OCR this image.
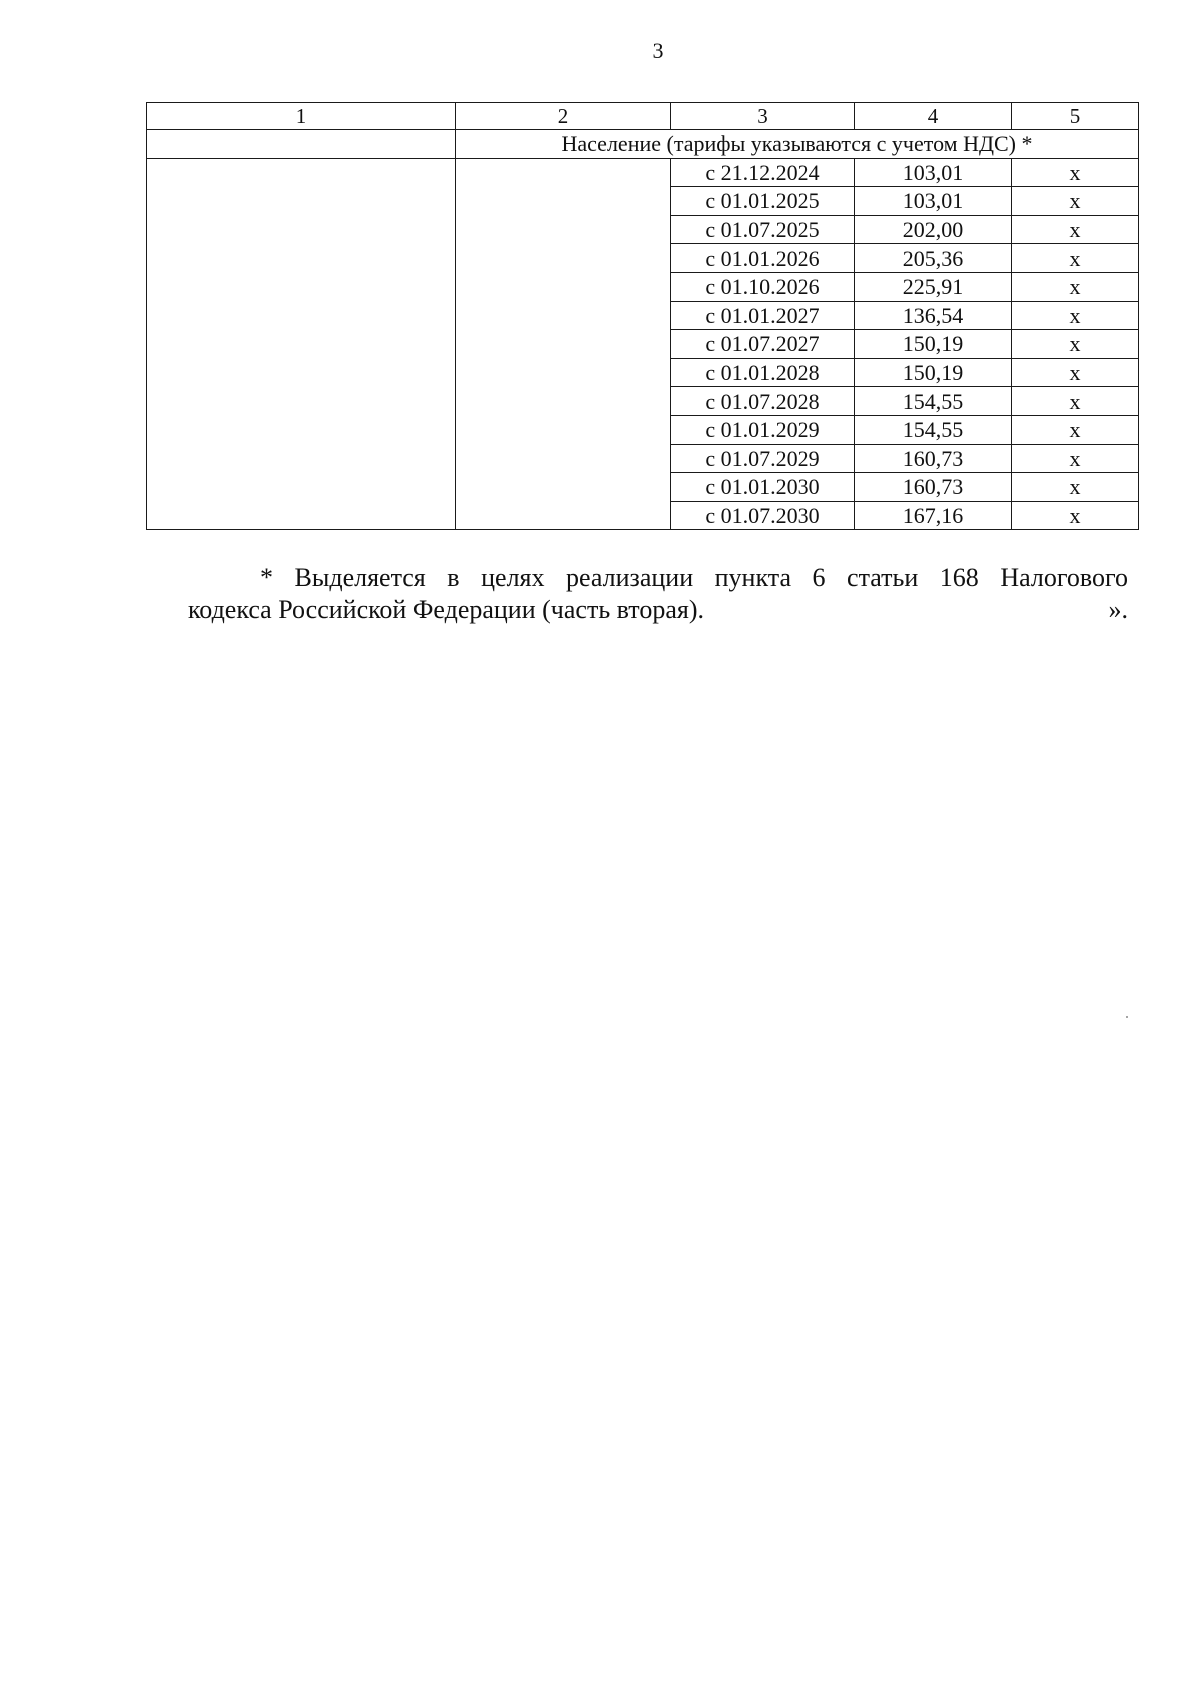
3
1	2	3	4	5
	Население (тарифы указываются с учетом НДС) *			
		с 21.12.2024	103,01	x
		с 01.01.2025	103,01	x
		с 01.07.2025	202,00	x
		с 01.01.2026	205,36	x
		с 01.10.2026	225,91	x
		с 01.01.2027	136,54	x
		с 01.07.2027	150,19	x
		с 01.01.2028	150,19	x
		с 01.07.2028	154,55	x
		с 01.01.2029	154,55	x
		с 01.07.2029	160,73	x
		с 01.01.2030	160,73	x
		с 01.07.2030	167,16	x
* Выделяется в целях реализации пункта 6 статьи 168 Налогового
кодекса Российской Федерации (часть вторая).	».
